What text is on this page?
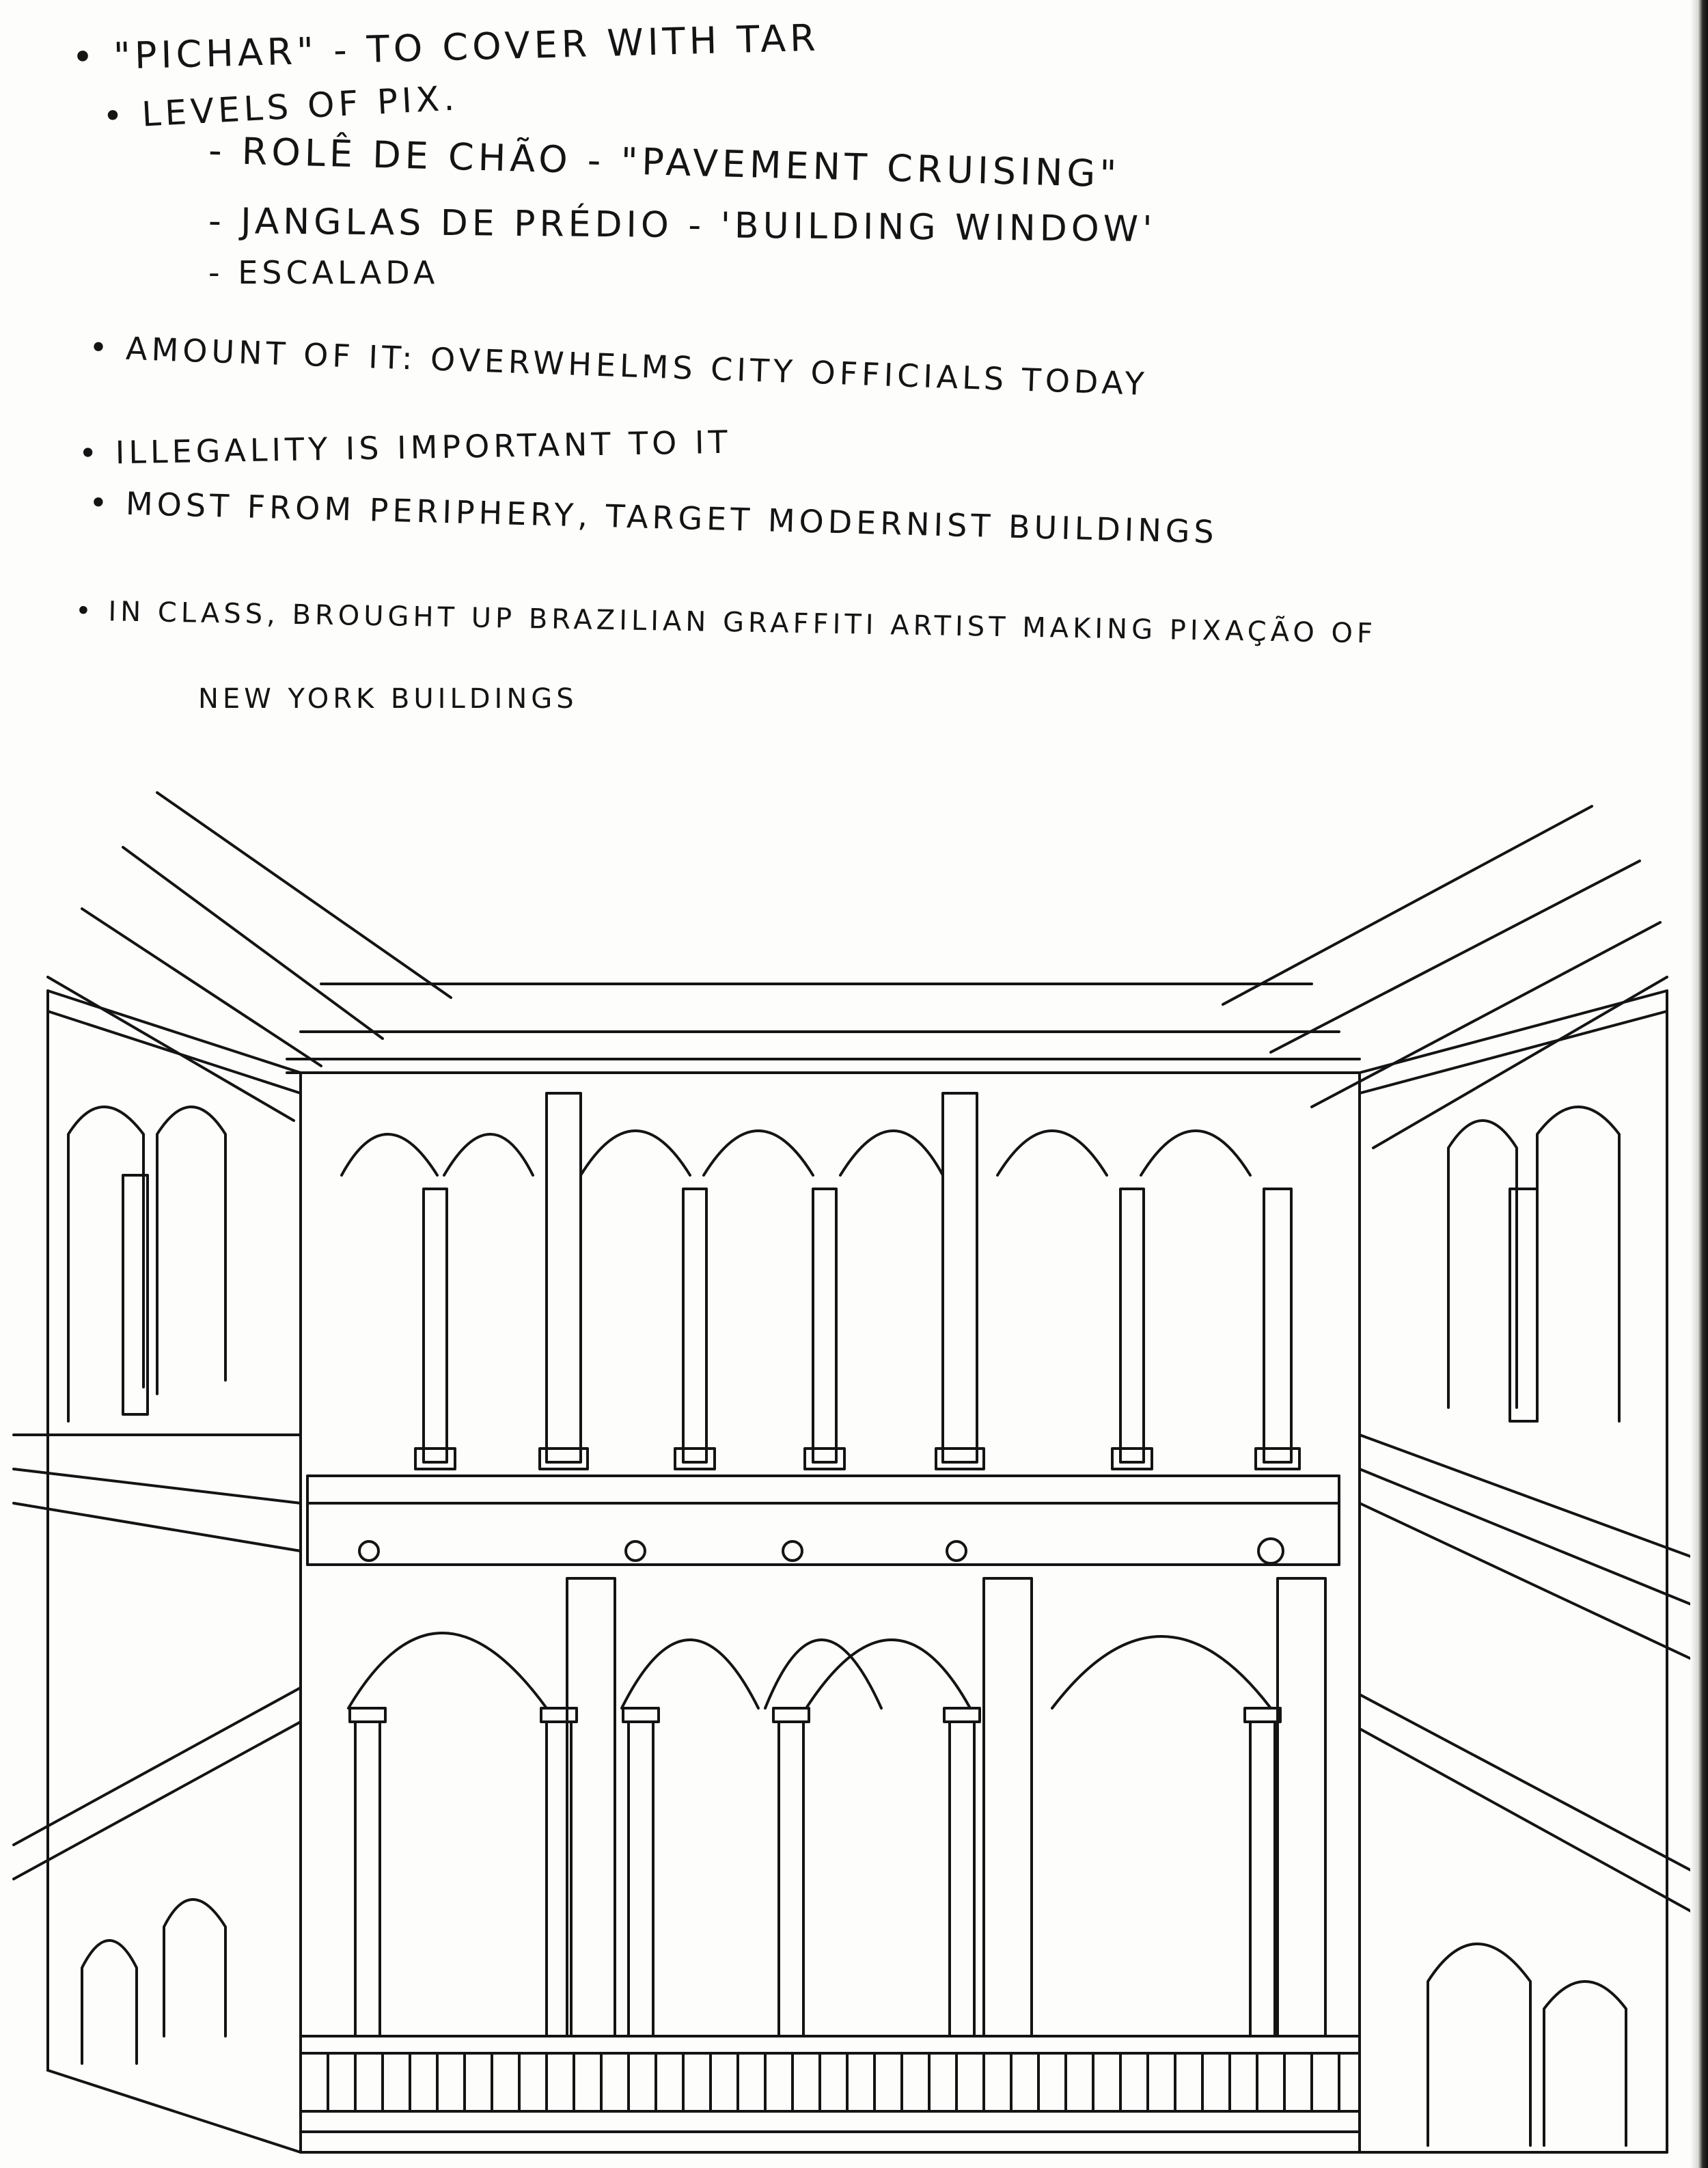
• "PICHAR" - TO COVER WITH TAR
• LEVELS OF PIX.
- ROLÊ DE CHÃO - "PAVEMENT CRUISING"
- JANGLAS DE PRÉDIO - 'BUILDING WINDOW'
- ESCALADA
• AMOUNT OF IT: OVERWHELMS CITY OFFICIALS TODAY
• ILLEGALITY IS IMPORTANT TO IT
• MOST FROM PERIPHERY, TARGET MODERNIST BUILDINGS
• IN CLASS, BROUGHT UP BRAZILIAN GRAFFITI ARTIST MAKING PIXAÇÃO OF
NEW YORK BUILDINGS
